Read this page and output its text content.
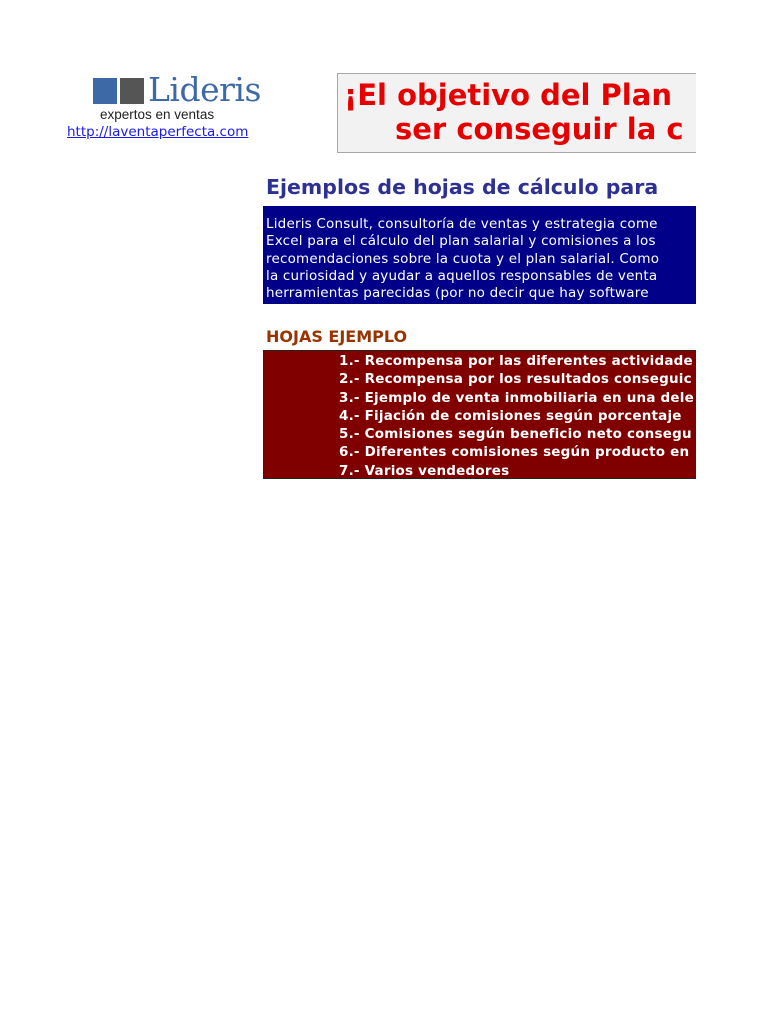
Lideris
expertos en ventas
http://laventaperfecta.com
¡El objetivo del Plan
ser conseguir la c
Ejemplos de hojas de cálculo para
Lideris Consult, consultoría de ventas y estrategia come
Excel para el cálculo del plan salarial y comisiones a los
recomendaciones sobre la cuota y el plan salarial. Como
la curiosidad y ayudar a aquellos responsables de venta
herramientas parecidas (por no decir que hay software
HOJAS EJEMPLO
1.- Recompensa por las diferentes actividade
2.- Recompensa por los resultados conseguic
3.- Ejemplo de venta inmobiliaria en una dele
4.- Fijación de comisiones según porcentaje
5.- Comisiones según beneficio neto consegu
6.- Diferentes comisiones según producto en
7.- Varios vendedores
